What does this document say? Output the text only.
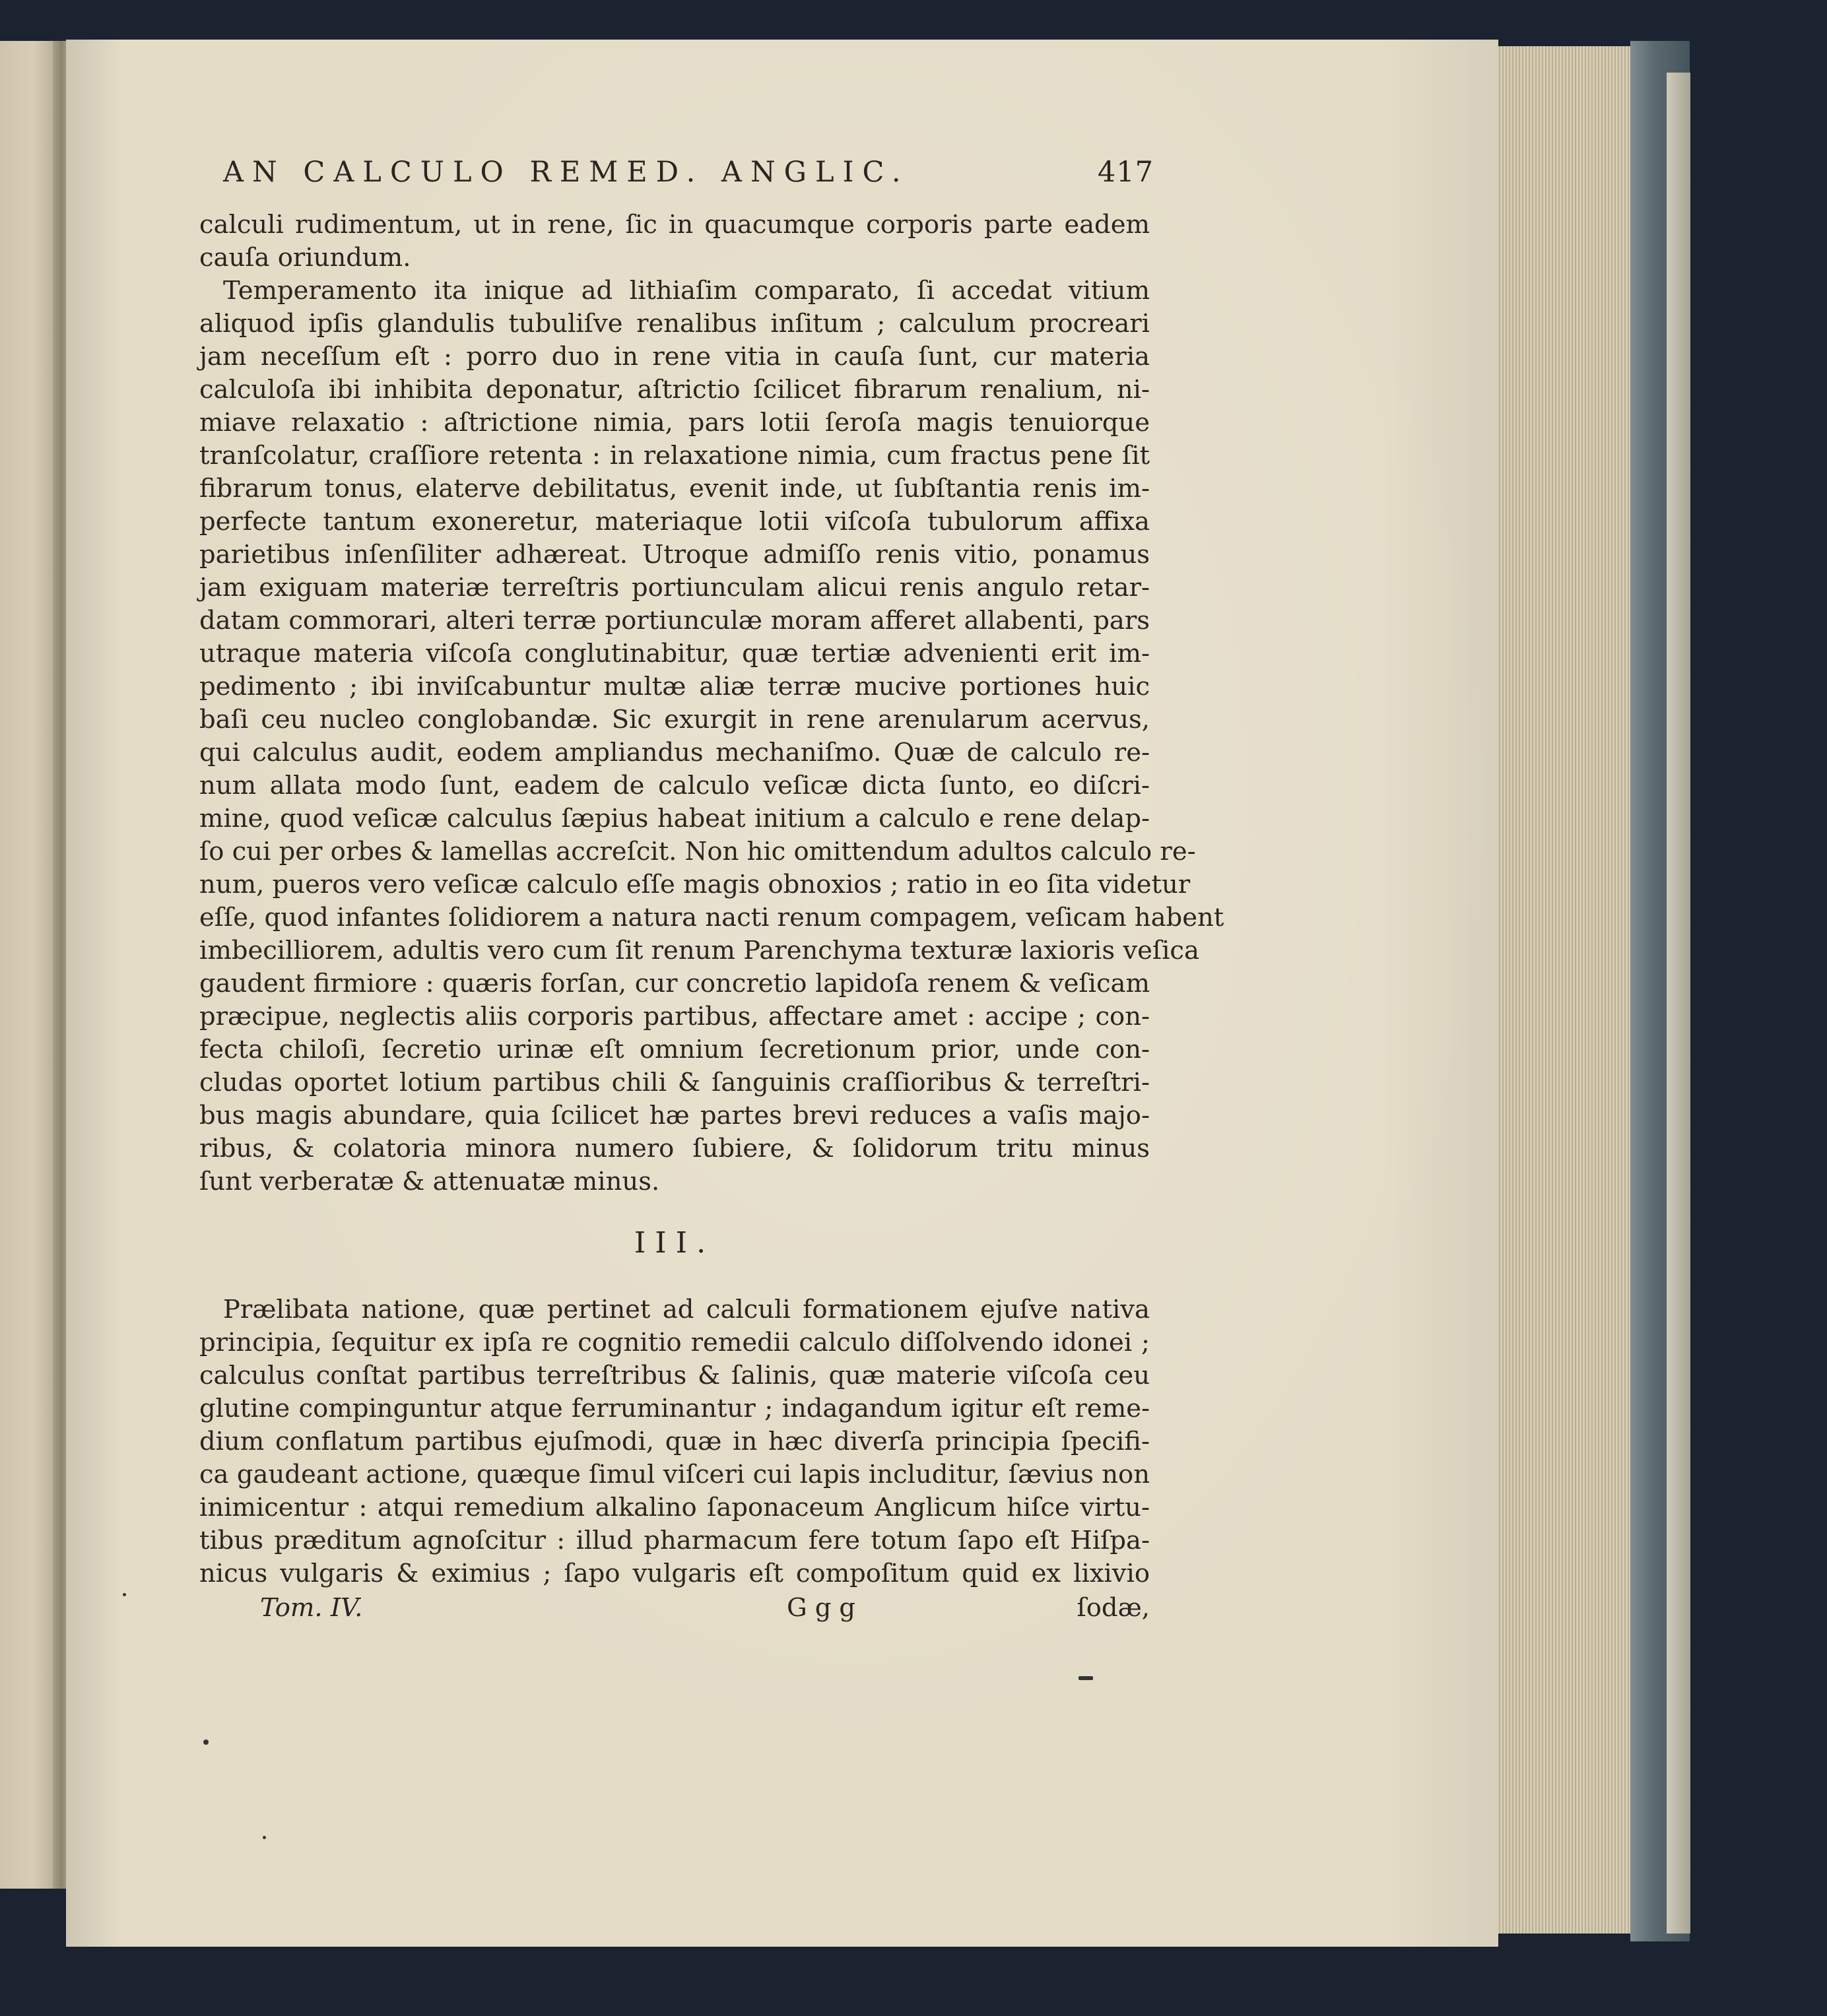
AN CALCULO REMED. ANGLIC.	417
calculi rudimentum, ut in rene, ſic in quacumque corporis parte eadem
cauſa oriundum.
Temperamento ita inique ad lithiaſim comparato, ſi accedat vitium
aliquod ipſis glandulis tubuliſve renalibus inſitum ; calculum procreari
jam neceſſum eſt : porro duo in rene vitia in cauſa ſunt, cur materia
calculoſa ibi inhibita deponatur, aſtrictio ſcilicet fibrarum renalium, ni-
miave relaxatio : aſtrictione nimia, pars lotii ſeroſa magis tenuiorque
tranſcolatur, craſſiore retenta : in relaxatione nimia, cum fractus pene ſit
fibrarum tonus, elaterve debilitatus, evenit inde, ut ſubſtantia renis im-
perfecte tantum exoneretur, materiaque lotii viſcoſa tubulorum affixa
parietibus inſenſiliter adhæreat. Utroque admiſſo renis vitio, ponamus
jam exiguam materiæ terreſtris portiunculam alicui renis angulo retar-
datam commorari, alteri terræ portiunculæ moram afferet allabenti, pars
utraque materia viſcoſa conglutinabitur, quæ tertiæ advenienti erit im-
pedimento ; ibi inviſcabuntur multæ aliæ terræ mucive portiones huic
baſi ceu nucleo conglobandæ. Sic exurgit in rene arenularum acervus,
qui calculus audit, eodem ampliandus mechaniſmo. Quæ de calculo re-
num allata modo ſunt, eadem de calculo veſicæ dicta ſunto, eo diſcri-
mine, quod veſicæ calculus ſæpius habeat initium a calculo e rene delap-
ſo cui per orbes & lamellas accreſcit. Non hic omittendum adultos calculo re-
num, pueros vero veſicæ calculo eſſe magis obnoxios ; ratio in eo ſita videtur
eſſe, quod infantes ſolidiorem a natura nacti renum compagem, veſicam habent
imbecilliorem, adultis vero cum ſit renum Parenchyma texturæ laxioris veſica
gaudent firmiore : quæris forſan, cur concretio lapidoſa renem & veſicam
præcipue, neglectis aliis corporis partibus, affectare amet : accipe ; con-
fecta chiloſi, ſecretio urinæ eſt omnium ſecretionum prior, unde con-
cludas oportet lotium partibus chili & ſanguinis craſſioribus & terreſtri-
bus magis abundare, quia ſcilicet hæ partes brevi reduces a vaſis majo-
ribus, & colatoria minora numero ſubiere, & ſolidorum tritu minus
ſunt verberatæ & attenuatæ minus.
III.
Prælibata natione, quæ pertinet ad calculi formationem ejuſve nativa
principia, ſequitur ex ipſa re cognitio remedii calculo diſſolvendo idonei ;
calculus conſtat partibus terreſtribus & ſalinis, quæ materie viſcoſa ceu
glutine compinguntur atque ferruminantur ; indagandum igitur eſt reme-
dium conflatum partibus ejuſmodi, quæ in hæc diverſa principia ſpecifi-
ca gaudeant actione, quæque ſimul viſceri cui lapis includitur, ſævius non
inimicentur : atqui remedium alkalino ſaponaceum Anglicum hiſce virtu-
tibus præditum agnoſcitur : illud pharmacum fere totum ſapo eſt Hiſpa-
nicus vulgaris & eximius ; ſapo vulgaris eſt compoſitum quid ex lixivio
Tom. IV.	Ggg	ſodæ,
